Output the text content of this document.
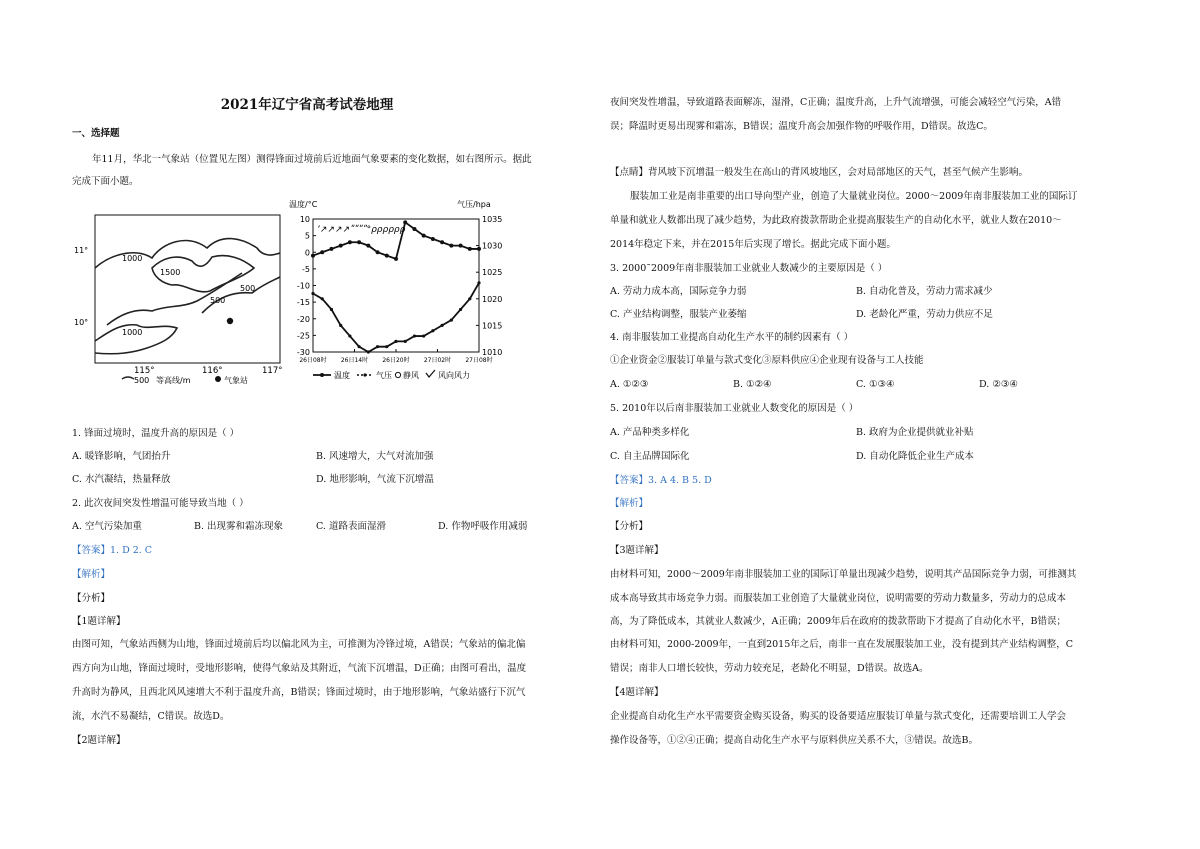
2021年辽宁省高考试卷地理
一、选择题
年11月，华北一气象站（位置见左图）测得锋面过境前后近地面气象要素的变化数据，如右图所示。据此
完成下面小题。
1000
1500
500
500
1000
11°
10°
115°	116°	117°
500 等高线/m	气象站
温度/°C	气压/hpa
10
5
0
-5
-10
-15
-20
-25
-30
1035
1030
1025
1020
1015
1010
26日08时 26日14时 26日20时 27日02时 27日08时
ʻ↗↗↗↗ʺʺʺʺ°ρρρρρρ
温度	气压 静风 风向风力
1. 锋面过境时，温度升高的原因是（ ）
A. 暖锋影响，气团抬升	B. 风速增大，大气对流加强
C. 水汽凝结，热量释放	D. 地形影响，气流下沉增温
2. 此次夜间突发性增温可能导致当地（ ）
A. 空气污染加重	B. 出现雾和霜冻现象	C. 道路表面湿滑	D. 作物呼吸作用减弱
【答案】1. D 2. C
【解析】
【分析】
【1题详解】
由图可知，气象站西侧为山地，锋面过境前后均以偏北风为主，可推测为冷锋过境，A错误；气象站的偏北偏
西方向为山地，锋面过境时，受地形影响，使得气象站及其附近，气流下沉增温，D正确；由图可看出，温度
升高时为静风，且西北风风速增大不利于温度升高，B错误；锋面过境时，由于地形影响，气象站盛行下沉气
流，水汽不易凝结，C错误。故选D。
【2题详解】
夜间突发性增温，导致道路表面解冻，湿滑，C正确；温度升高，上升气流增强，可能会减轻空气污染，A错
误；降温时更易出现雾和霜冻，B错误；温度升高会加强作物的呼吸作用，D错误。故选C。
【点睛】背风坡下沉增温一般发生在高山的背风坡地区，会对局部地区的天气，甚至气候产生影响。
服装加工业是南非重要的出口导向型产业，创造了大量就业岗位。2000～2009年南非服装加工业的国际订
单量和就业人数都出现了减少趋势，为此政府拨款帮助企业提高服装生产的自动化水平，就业人数在2010～
2014年稳定下来，并在2015年后实现了增长。据此完成下面小题。
3. 2000˜2009年南非服装加工业就业人数减少的主要原因是（ ）
A. 劳动力成本高，国际竞争力弱	B. 自动化普及，劳动力需求减少
C. 产业结构调整，服装产业萎缩	D. 老龄化严重，劳动力供应不足
4. 南非服装加工业提高自动化生产水平的制约因素有（ ）
①企业资金②服装订单量与款式变化③原料供应④企业现有设备与工人技能
A. ①②③	B. ①②④	C. ①③④	D. ②③④
5. 2010年以后南非服装加工业就业人数变化的原因是（ ）
A. 产品种类多样化	B. 政府为企业提供就业补贴
C. 自主品牌国际化	D. 自动化降低企业生产成本
【答案】3. A 4. B 5. D
【解析】
【分析】
【3题详解】
由材料可知，2000～2009年南非服装加工业的国际订单量出现减少趋势，说明其产品国际竞争力弱，可推测其
成本高导致其市场竞争力弱。而服装加工业创造了大量就业岗位，说明需要的劳动力数量多，劳动力的总成本
高，为了降低成本，其就业人数减少，A正确；2009年后在政府的拨款帮助下才提高了自动化水平，B错误；
由材料可知，2000-2009年，一直到2015年之后，南非一直在发展服装加工业，没有提到其产业结构调整，C
错误；南非人口增长较快，劳动力较充足，老龄化不明显，D错误。故选A。
【4题详解】
企业提高自动化生产水平需要资金购买设备，购买的设备要适应服装订单量与款式变化，还需要培训工人学会
操作设备等，①②④正确；提高自动化生产水平与原料供应关系不大，③错误。故选B。
